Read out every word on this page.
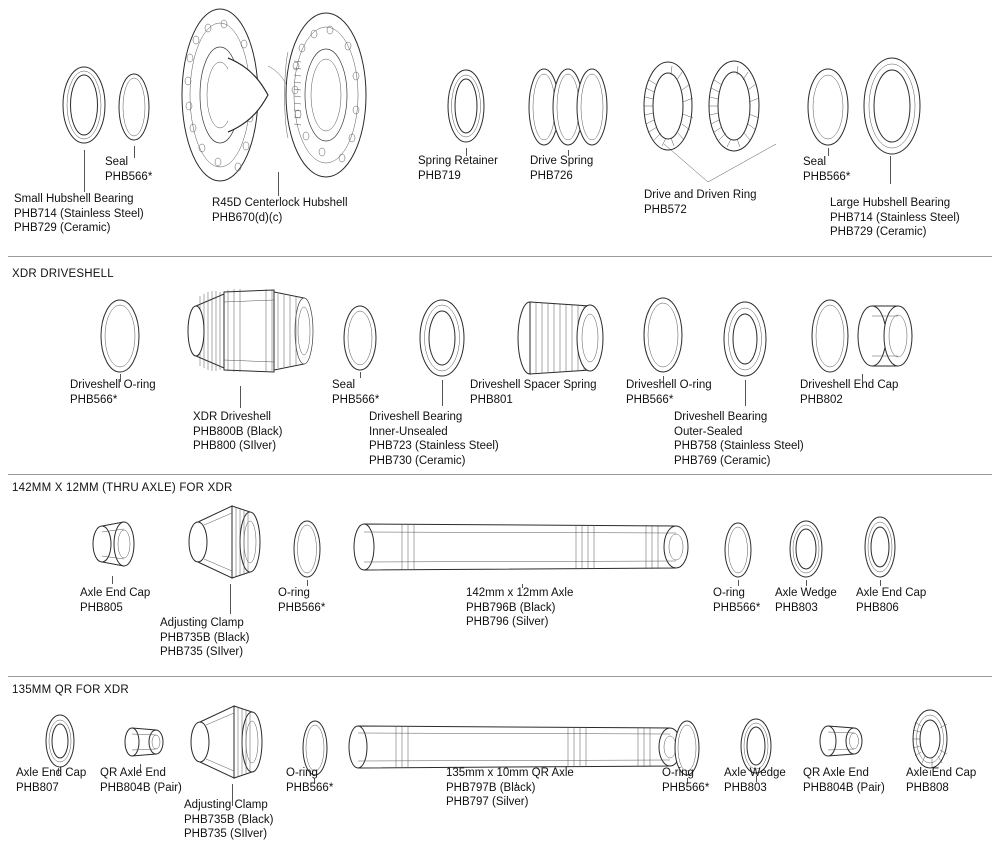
Small Hubshell Bearing
PHB714 (Stainless Steel)
PHB729 (Ceramic)
Seal
PHB566*
R45D Centerlock Hubshell
PHB670(d)(c)
Spring Retainer
PHB719
Drive Spring
PHB726
Drive and Driven Ring
PHB572
Seal
PHB566*
Large Hubshell Bearing
PHB714 (Stainless Steel)
PHB729 (Ceramic)
XDR DRIVESHELL
Driveshell O-ring
PHB566*
XDR Driveshell
PHB800B (Black)
PHB800 (SIlver)
Seal
PHB566*
Driveshell Bearing
Inner-Unsealed
PHB723 (Stainless Steel)
PHB730 (Ceramic)
Driveshell Spacer Spring
PHB801
Driveshell O-ring
PHB566*
Driveshell Bearing
Outer-Sealed
PHB758 (Stainless Steel)
PHB769 (Ceramic)
Driveshell End Cap
PHB802
142MM X 12MM (THRU AXLE) FOR XDR
Axle End Cap
PHB805
Adjusting Clamp
PHB735B (Black)
PHB735 (SIlver)
O-ring
PHB566*
142mm x 12mm Axle
PHB796B (Black)
PHB796 (Silver)
O-ring
PHB566*
Axle Wedge
PHB803
Axle End Cap
PHB806
135MM QR FOR XDR
Axle End Cap
PHB807
QR Axle End
PHB804B (Pair)
Adjusting Clamp
PHB735B (Black)
PHB735 (SIlver)
O-ring
PHB566*
135mm x 10mm QR Axle
PHB797B (Black)
PHB797 (Silver)
O-ring
PHB566*
Axle Wedge
PHB803
QR Axle End
PHB804B (Pair)
Axle End Cap
PHB808
